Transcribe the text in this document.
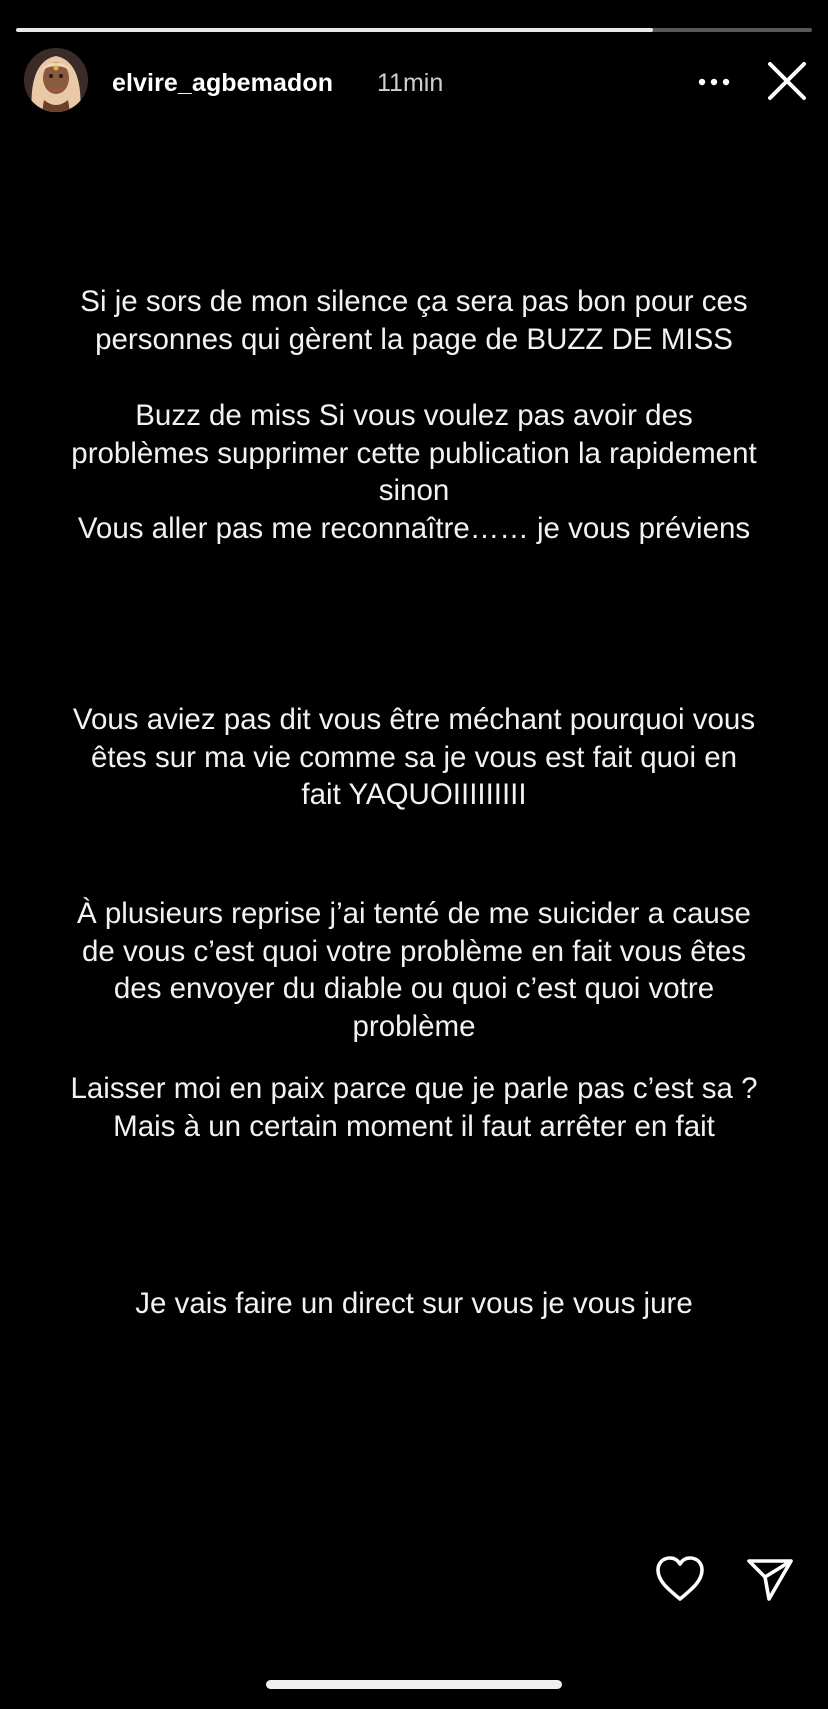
elvire_agbemadon 11min

Si je sors de mon silence ça sera pas bon pour ces
personnes qui gèrent la page de BUZZ DE MISS

Buzz de miss Si vous voulez pas avoir des
problèmes supprimer cette publication la rapidement
sinon
Vous aller pas me reconnaître…… je vous préviens

Vous aviez pas dit vous être méchant pourquoi vous
êtes sur ma vie comme sa je vous est fait quoi en
fait YAQUOIIIIIIIII

À plusieurs reprise j’ai tenté de me suicider a cause
de vous c’est quoi votre problème en fait vous êtes
des envoyer du diable ou quoi c’est quoi votre
problème

Laisser moi en paix parce que je parle pas c’est sa ?
Mais à un certain moment il faut arrêter en fait

Je vais faire un direct sur vous je vous jure
